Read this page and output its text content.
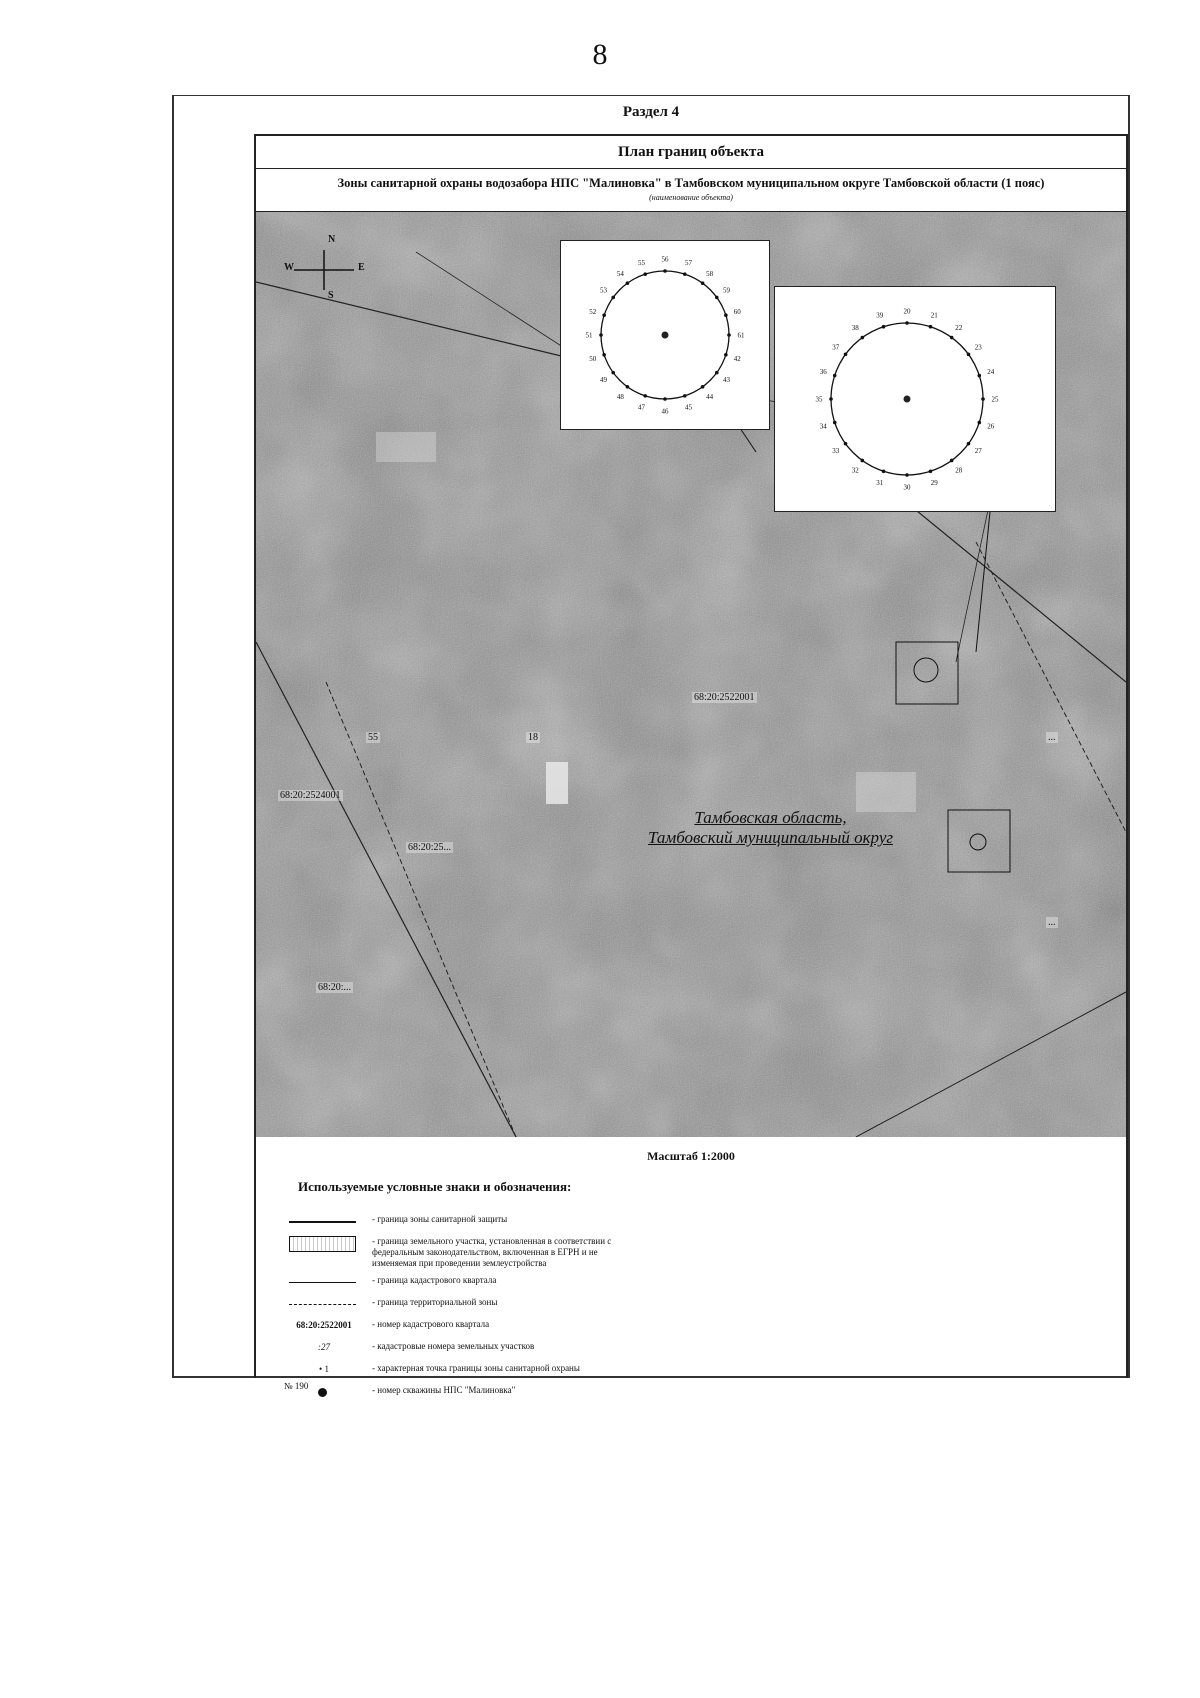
8
Раздел 4
План границ объекта
Зоны санитарной охраны водозабора НПС "Малиновка" в Тамбовском муниципальном округе Тамбовской области (1 пояс)
(наименование объекта)
N
S
W	E
68:20:2522001
68:20:2524001
68:20:25...
68:20:...
55	18	...
...
Тамбовская область,
Тамбовский муниципальный округ
56 57
58
59
60
61
42
43
44
45
46
47
48
49
50
51
52
53
54
55
20
21
22
23
24
25
26
27
28
29
30
31
32
33
34
35
36
37
38
39
Масштаб 1:2000
Используемые условные знаки и обозначения:
- граница зоны санитарной защиты
- граница земельного участка, установленная в соответствии с федеральным законодательством, включенная в ЕГРН и не изменяемая при проведении землеустройства
- граница кадастрового квартала
- граница территориальной зоны
68:20:2522001	- номер кадастрового квартала
:27	- кадастровые номера земельных участков
• 1	- характерная точка границы зоны санитарной охраны
№ 190	- номер скважины НПС "Малиновка"
